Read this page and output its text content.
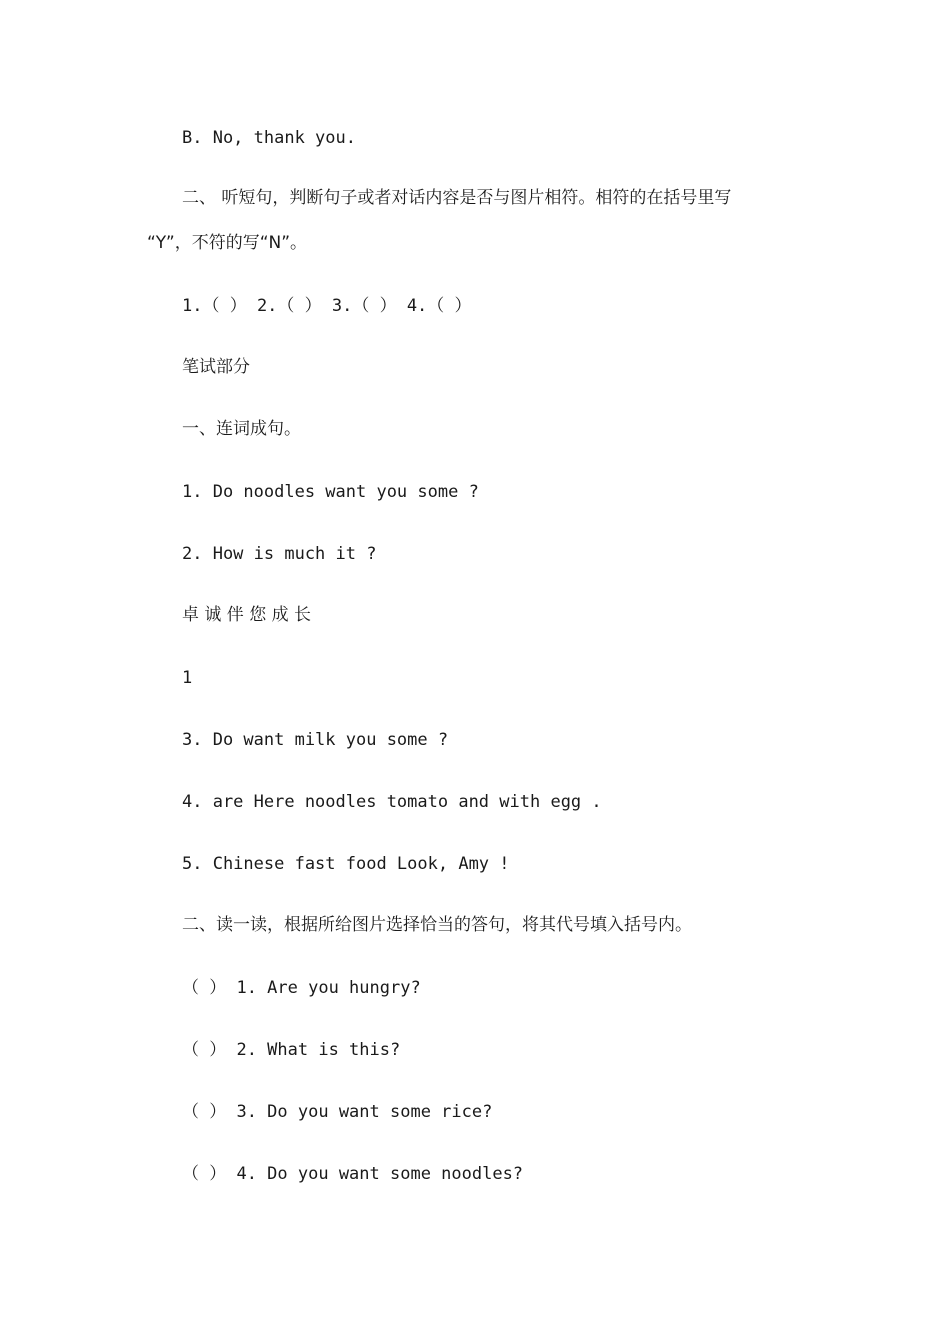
B. No, thank you.

二、 听短句，判断句子或者对话内容是否与图片相符。相符的在括号里写

“Y”，不符的写“N”。

1.（ ） 2.（ ） 3.（ ） 4.（ ）

笔试部分

一、连词成句。

1. Do noodles want you some ?

2. How is much it ?

卓 诚 伴 您 成 长

1

3. Do want milk you some ?

4. are Here noodles tomato and with egg .

5. Chinese fast food Look, Amy !

二、读一读，根据所给图片选择恰当的答句，将其代号填入括号内。

（ ） 1. Are you hungry?

（ ） 2. What is this?

（ ） 3. Do you want some rice?

（ ） 4. Do you want some noodles?
